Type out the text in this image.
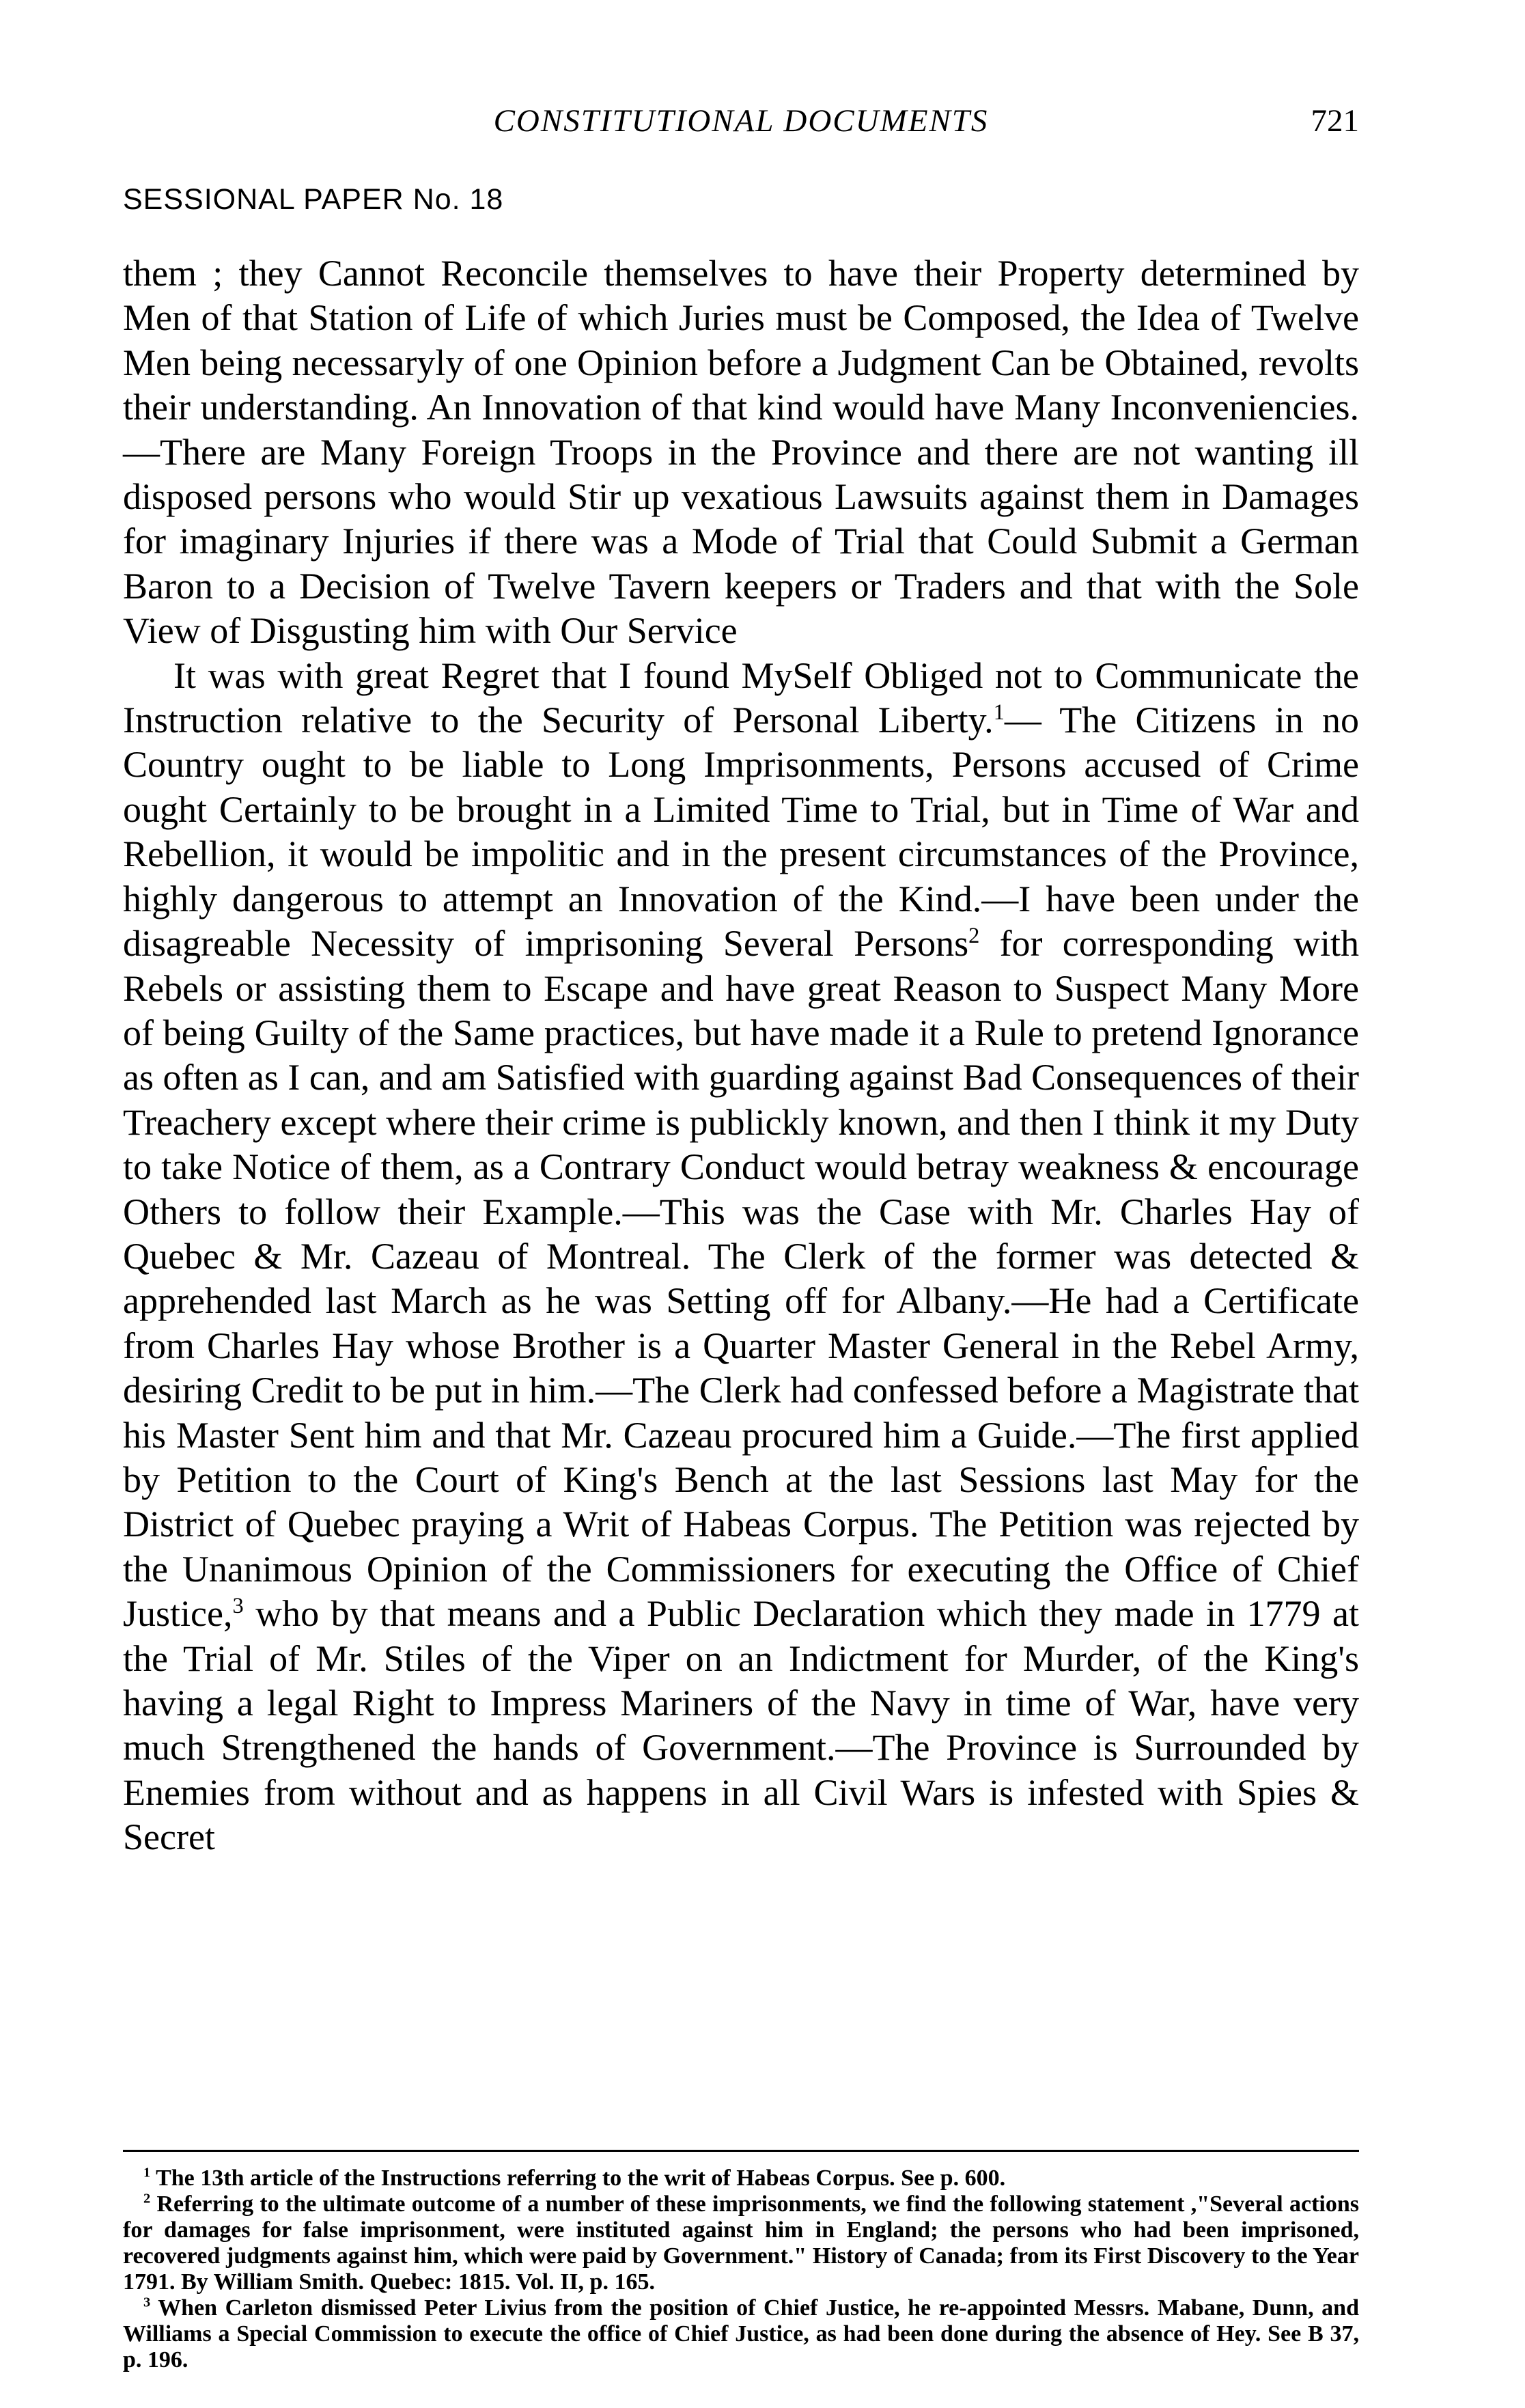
CONSTITUTIONAL DOCUMENTS	721
SESSIONAL PAPER No. 18

them ; they Cannot Reconcile themselves to have their Property determined by Men of that Station of Life of which Juries must be Composed, the Idea of Twelve Men being necessaryly of one Opinion before a Judgment Can be Obtained, revolts their understanding. An Innovation of that kind would have Many Inconveniencies.—There are Many Foreign Troops in the Province and there are not wanting ill disposed persons who would Stir up vexatious Lawsuits against them in Damages for imaginary Injuries if there was a Mode of Trial that Could Submit a German Baron to a Decision of Twelve Tavern keepers or Traders and that with the Sole View of Disgusting him with Our Service

It was with great Regret that I found MySelf Obliged not to Communicate the Instruction relative to the Security of Personal Liberty.$^1$— The Citizens in no Country ought to be liable to Long Imprisonments, Persons accused of Crime ought Certainly to be brought in a Limited Time to Trial, but in Time of War and Rebellion, it would be impolitic and in the present circumstances of the Province, highly dangerous to attempt an Innovation of the Kind.—I have been under the disagreable Necessity of imprisoning Several Persons$^2$ for corresponding with Rebels or assisting them to Escape and have great Reason to Suspect Many More of being Guilty of the Same practices, but have made it a Rule to pretend Ignorance as often as I can, and am Satisfied with guarding against Bad Consequences of their Treachery except where their crime is publickly known, and then I think it my Duty to take Notice of them, as a Contrary Conduct would betray weakness & encourage Others to follow their Example.—This was the Case with Mr. Charles Hay of Quebec & Mr. Cazeau of Montreal. The Clerk of the former was detected & apprehended last March as he was Setting off for Albany.—He had a Certificate from Charles Hay whose Brother is a Quarter Master General in the Rebel Army, desiring Credit to be put in him.—The Clerk had confessed before a Magistrate that his Master Sent him and that Mr. Cazeau procured him a Guide.—The first applied by Petition to the Court of King's Bench at the last Sessions last May for the District of Quebec praying a Writ of Habeas Corpus. The Petition was rejected by the Unanimous Opinion of the Commissioners for executing the Office of Chief Justice,$^3$ who by that means and a Public Declaration which they made in 1779 at the Trial of Mr. Stiles of the Viper on an Indictment for Murder, of the King's having a legal Right to Impress Mariners of the Navy in time of War, have very much Strengthened the hands of Government.—The Province is Surrounded by Enemies from without and as happens in all Civil Wars is infested with Spies & Secret

$^1$ The 13th article of the Instructions referring to the writ of Habeas Corpus. See p. 600.

$^2$ Referring to the ultimate outcome of a number of these imprisonments, we find the following statement ,"Several actions for damages for false imprisonment, were instituted against him in England; the persons who had been imprisoned, recovered judgments against him, which were paid by Government." History of Canada; from its First Discovery to the Year 1791. By William Smith. Quebec: 1815. Vol. II, p. 165.

$^3$ When Carleton dismissed Peter Livius from the position of Chief Justice, he re-appointed Messrs. Mabane, Dunn, and Williams a Special Commission to execute the office of Chief Justice, as had been done during the absence of Hey. See B 37, p. 196.
